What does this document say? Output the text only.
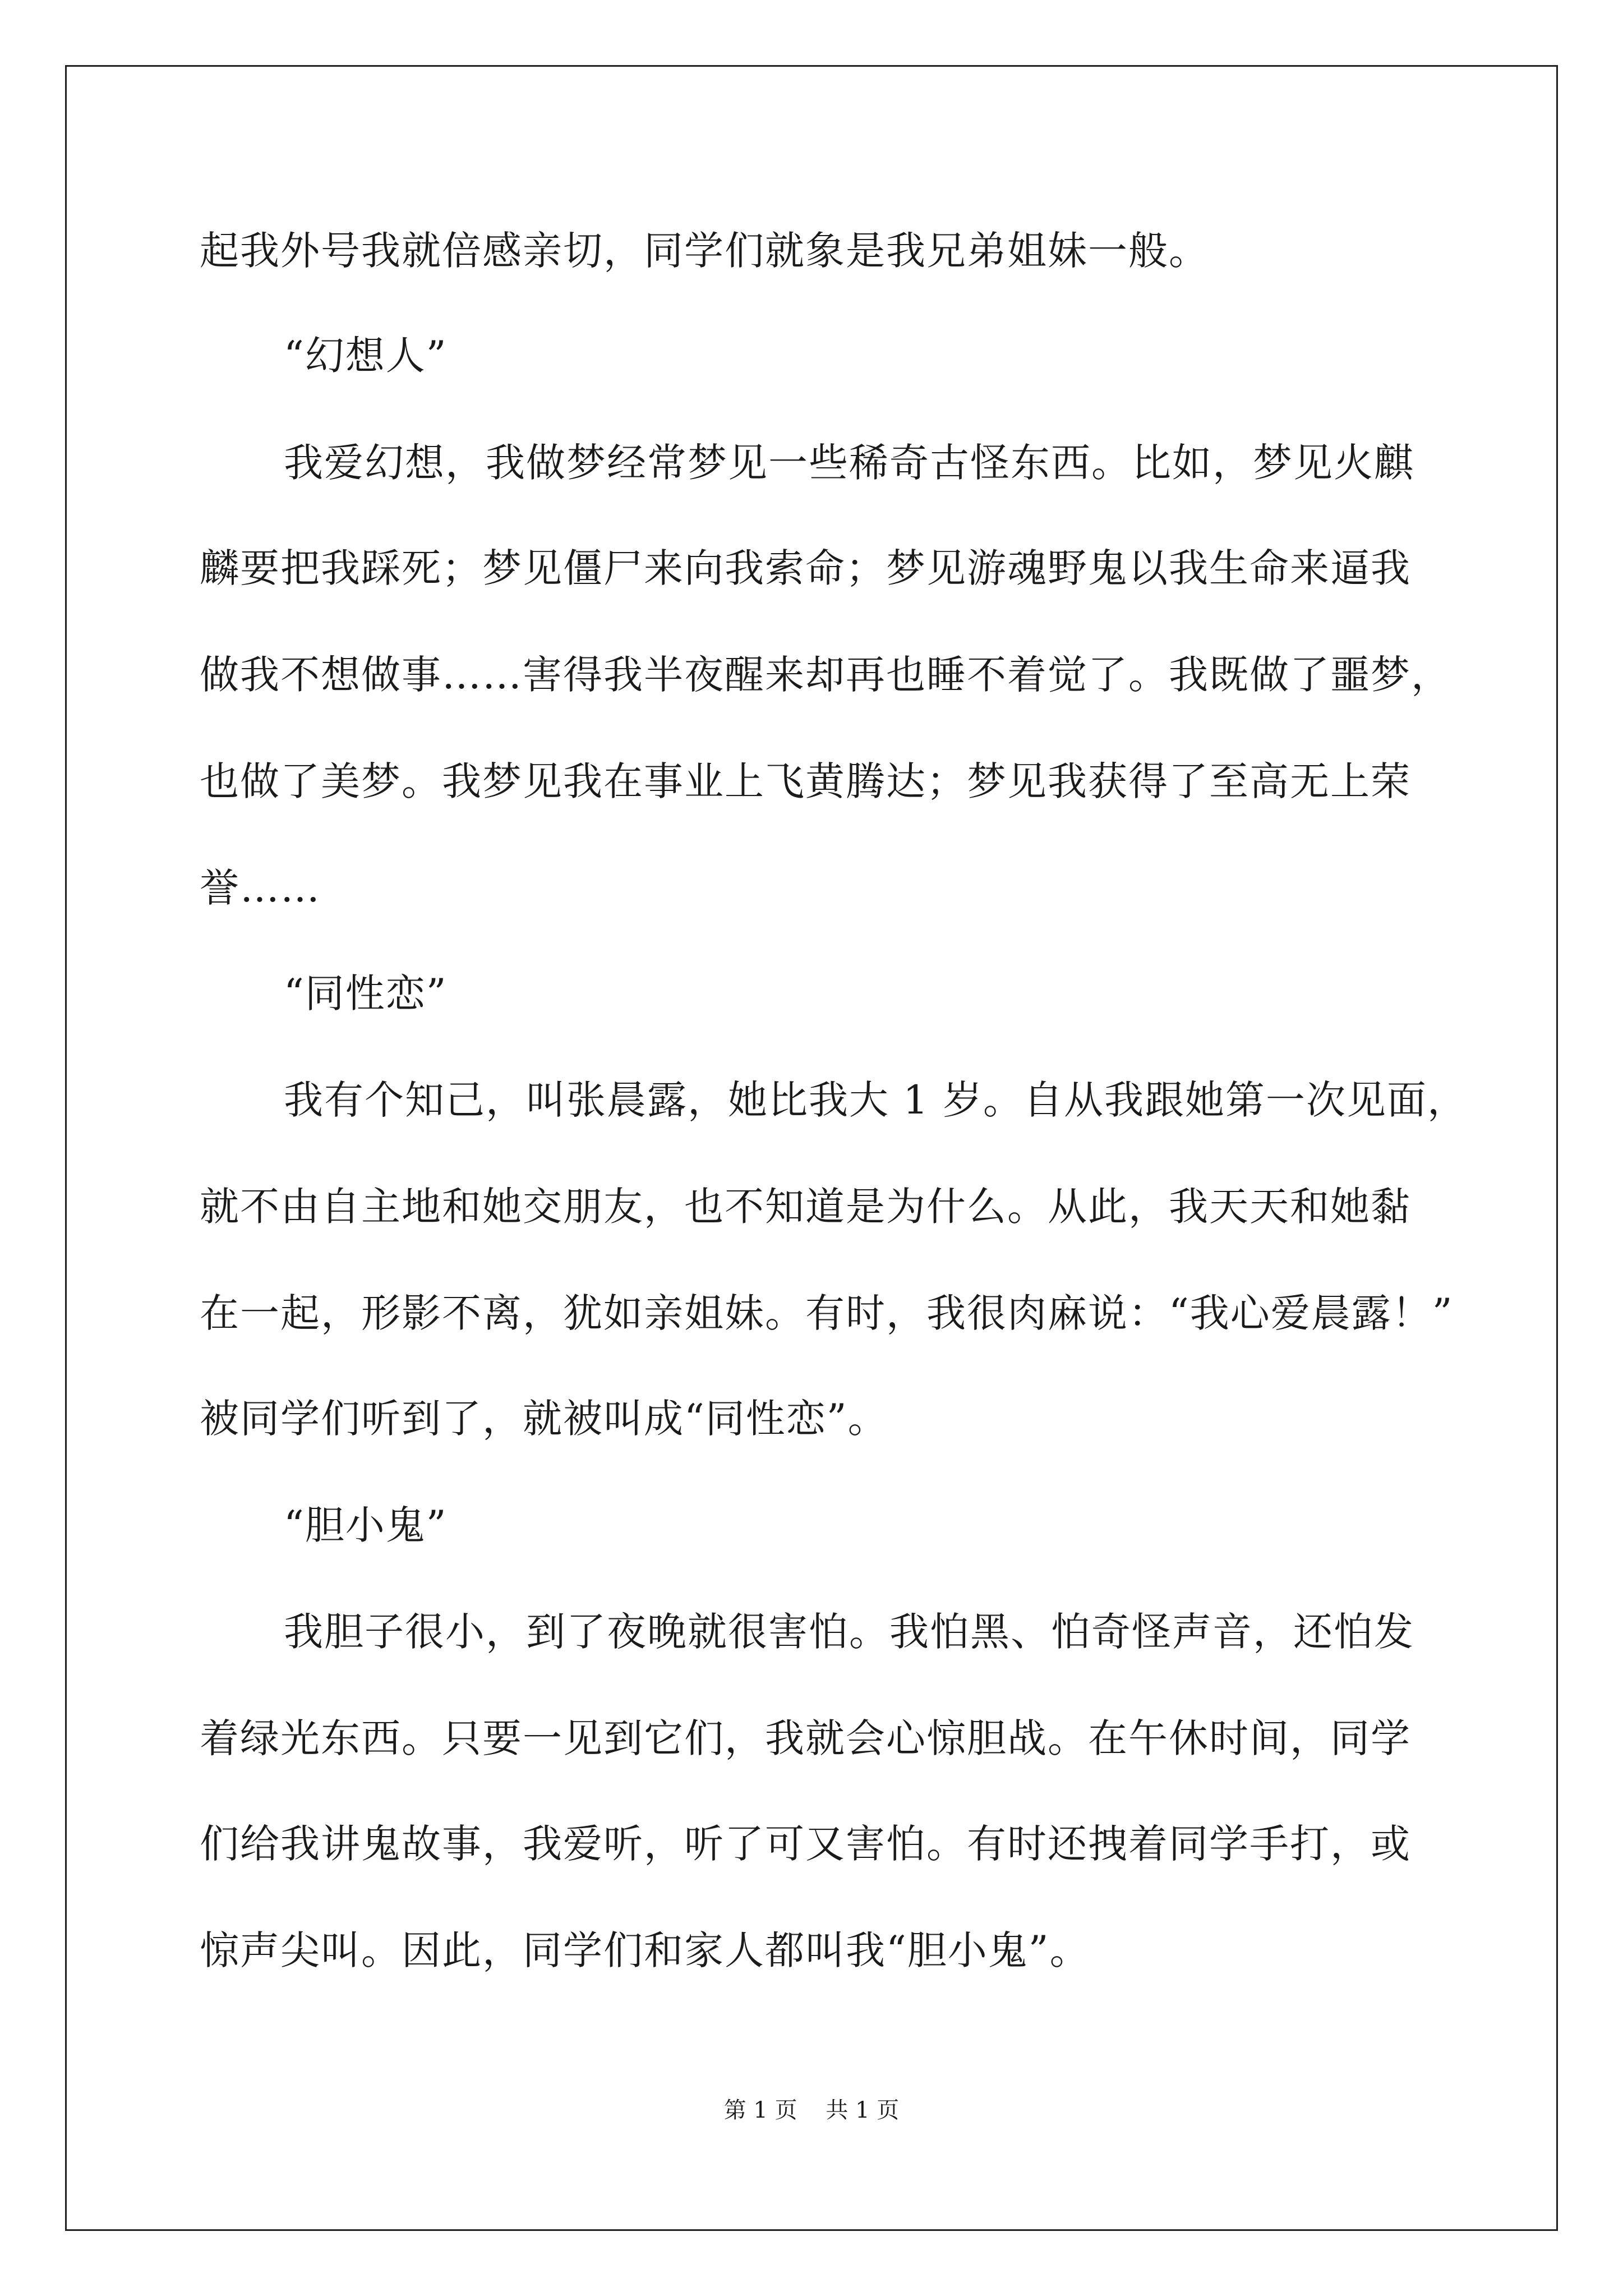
起我外号我就倍感亲切，同学们就象是我兄弟姐妹一般。
“幻想人”
我爱幻想，我做梦经常梦见一些稀奇古怪东西。比如，梦见火麒
麟要把我踩死；梦见僵尸来向我索命；梦见游魂野鬼以我生命来逼我
做我不想做事……害得我半夜醒来却再也睡不着觉了。我既做了噩梦，
也做了美梦。我梦见我在事业上飞黄腾达；梦见我获得了至高无上荣
誉……
“同性恋”
我有个知己，叫张晨露，她比我大 1 岁。自从我跟她第一次见面，
就不由自主地和她交朋友，也不知道是为什么。从此，我天天和她黏
在一起，形影不离，犹如亲姐妹。有时，我很肉麻说：“我心爱晨露！”
被同学们听到了，就被叫成“同性恋”。
“胆小鬼”
我胆子很小，到了夜晚就很害怕。我怕黑、怕奇怪声音，还怕发
着绿光东西。只要一见到它们，我就会心惊胆战。在午休时间，同学
们给我讲鬼故事，我爱听，听了可又害怕。有时还拽着同学手打，或
惊声尖叫。因此，同学们和家人都叫我“胆小鬼”。
第 1 页    共 1 页
